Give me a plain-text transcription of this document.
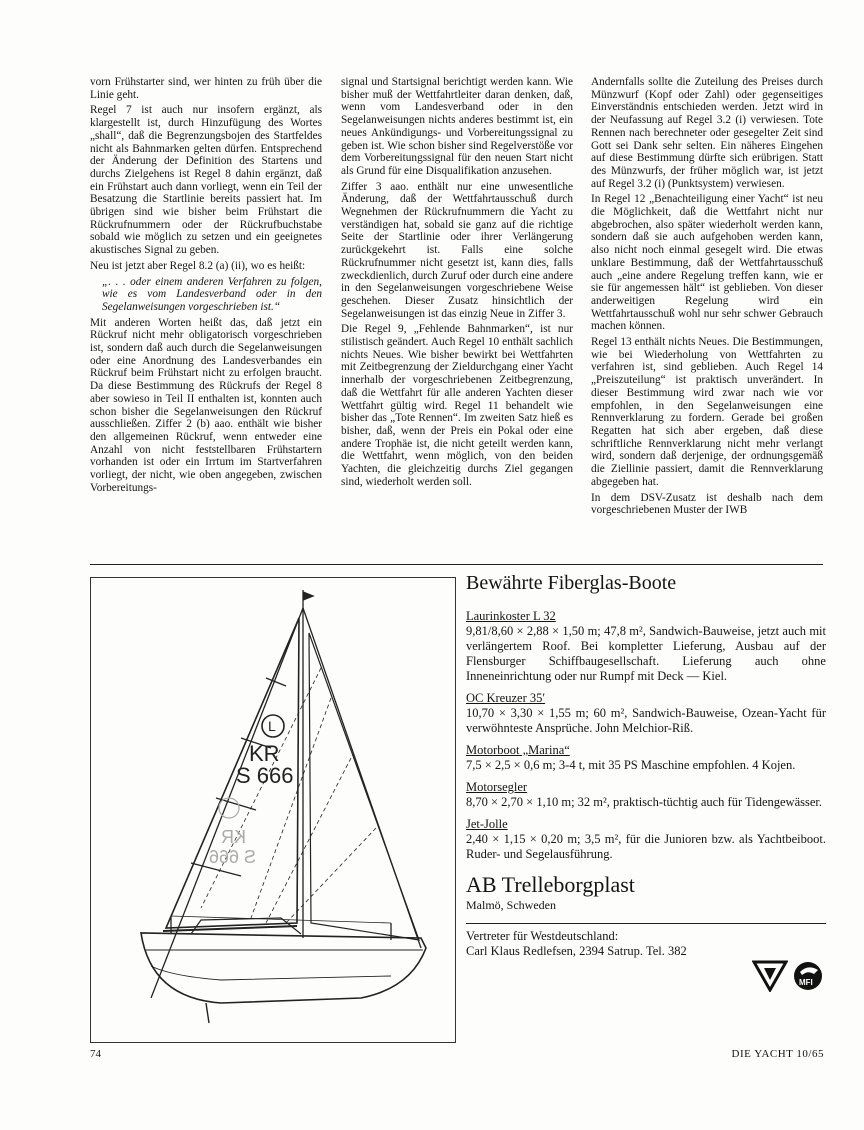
vorn Frühstarter sind, wer hinten zu früh über die Linie geht.

Regel 7 ist auch nur insofern ergänzt, als klargestellt ist, durch Hinzufügung des Wortes „shall“, daß die Begrenzungsbojen des Startfeldes nicht als Bahnmarken gelten dürfen. Entsprechend der Änderung der Definition des Startens und durchs Zielgehens ist Regel 8 dahin ergänzt, daß ein Frühstart auch dann vorliegt, wenn ein Teil der Besatzung die Startlinie bereits passiert hat. Im übrigen sind wie bisher beim Frühstart die Rückrufnummern oder der Rückrufbuchstabe sobald wie möglich zu setzen und ein geeignetes akustisches Signal zu geben.

Neu ist jetzt aber Regel 8.2 (a) (ii), wo es heißt:

„. . . oder einem anderen Verfahren zu folgen, wie es vom Landesverband oder in den Segelanweisungen vorgeschrieben ist.“

Mit anderen Worten heißt das, daß jetzt ein Rückruf nicht mehr obligatorisch vorgeschrieben ist, sondern daß auch durch die Segelanweisungen oder eine Anordnung des Landesverbandes ein Rückruf beim Frühstart nicht zu erfolgen braucht. Da diese Bestimmung des Rückrufs der Regel 8 aber sowieso in Teil II enthalten ist, konnten auch schon bisher die Segelanweisungen den Rückruf ausschließen. Ziffer 2 (b) aao. enthält wie bisher den allgemeinen Rückruf, wenn entweder eine Anzahl von nicht feststellbaren Frühstartern vorhanden ist oder ein Irrtum im Startverfahren vorliegt, der nicht, wie oben angegeben, zwischen Vorbereitungs-

signal und Startsignal berichtigt werden kann. Wie bisher muß der Wettfahrtleiter daran denken, daß, wenn vom Landesverband oder in den Segelanweisungen nichts anderes bestimmt ist, ein neues Ankündigungs- und Vorbereitungssignal zu geben ist. Wie schon bisher sind Regelverstöße vor dem Vorbereitungssignal für den neuen Start nicht als Grund für eine Disqualifikation anzusehen.

Ziffer 3 aao. enthält nur eine unwesentliche Änderung, daß der Wettfahrtausschuß durch Wegnehmen der Rückrufnummern die Yacht zu verständigen hat, sobald sie ganz auf die richtige Seite der Startlinie oder ihrer Verlängerung zurückgekehrt ist. Falls eine solche Rückrufnummer nicht gesetzt ist, kann dies, falls zweckdienlich, durch Zuruf oder durch eine andere in den Segelanweisungen vorgeschriebene Weise geschehen. Dieser Zusatz hinsichtlich der Segelanweisungen ist das einzig Neue in Ziffer 3.

Die Regel 9, „Fehlende Bahnmarken“, ist nur stilistisch geändert. Auch Regel 10 enthält sachlich nichts Neues. Wie bisher bewirkt bei Wettfahrten mit Zeitbegrenzung der Zieldurchgang einer Yacht innerhalb der vorgeschriebenen Zeitbegrenzung, daß die Wettfahrt für alle anderen Yachten dieser Wettfahrt gültig wird. Regel 11 behandelt wie bisher das „Tote Rennen“. Im zweiten Satz hieß es bisher, daß, wenn der Preis ein Pokal oder eine andere Trophäe ist, die nicht geteilt werden kann, die Wettfahrt, wenn möglich, von den beiden Yachten, die gleichzeitig durchs Ziel gegangen sind, wiederholt werden soll.

Andernfalls sollte die Zuteilung des Preises durch Münzwurf (Kopf oder Zahl) oder gegenseitiges Einverständnis entschieden werden. Jetzt wird in der Neufassung auf Regel 3.2 (i) verwiesen. Tote Rennen nach berechneter oder gesegelter Zeit sind Gott sei Dank sehr selten. Ein näheres Eingehen auf diese Bestimmung dürfte sich erübrigen. Statt des Münzwurfs, der früher möglich war, ist jetzt auf Regel 3.2 (i) (Punktsystem) verwiesen.

In Regel 12 „Benachteiligung einer Yacht“ ist neu die Möglichkeit, daß die Wettfahrt nicht nur abgebrochen, also später wiederholt werden kann, sondern daß sie auch aufgehoben werden kann, also nicht noch einmal gesegelt wird. Die etwas unklare Bestimmung, daß der Wettfahrtausschuß auch „eine andere Regelung treffen kann, wie er sie für angemessen hält“ ist geblieben. Von dieser anderweitigen Regelung wird ein Wettfahrtausschuß wohl nur sehr schwer Gebrauch machen können.

Regel 13 enthält nichts Neues. Die Bestimmungen, wie bei Wiederholung von Wettfahrten zu verfahren ist, sind geblieben. Auch Regel 14 „Preiszuteilung“ ist praktisch unverändert. In dieser Bestimmung wird zwar nach wie vor empfohlen, in den Segelanweisungen eine Rennverklarung zu fordern. Gerade bei großen Regatten hat sich aber ergeben, daß diese schriftliche Rennverklarung nicht mehr verlangt wird, sondern daß derjenige, der ordnungsgemäß die Ziellinie passiert, damit die Rennverklarung abgegeben hat.

In dem DSV-Zusatz ist deshalb nach dem vorgeschriebenen Muster der IWB

L
KR
S 666
KR
S 666
Bewährte Fiberglas-Boote
Laurinkoster L 32
9,81/8,60 × 2,88 × 1,50 m; 47,8 m², Sandwich-Bauweise, jetzt auch mit verlängertem Roof. Bei kompletter Lieferung, Ausbau auf der Flensburger Schiffbaugesellschaft. Lieferung auch ohne Inneneinrichtung oder nur Rumpf mit Deck — Kiel.
OC Kreuzer 35′
10,70 × 3,30 × 1,55 m; 60 m², Sandwich-Bauweise, Ozean-Yacht für verwöhnteste Ansprüche. John Melchior-Riß.
Motorboot „Marina“
7,5 × 2,5 × 0,6 m; 3-4 t, mit 35 PS Maschine empfohlen. 4 Kojen.
Motorsegler
8,70 × 2,70 × 1,10 m; 32 m², praktisch-tüchtig auch für Tidengewässer.
Jet-Jolle
2,40 × 1,15 × 0,20 m; 3,5 m², für die Junioren bzw. als Yachtbeiboot. Ruder- und Segelausführung.
AB Trelleborgplast
Malmö, Schweden
Vertreter für Westdeutschland:
Carl Klaus Redlefsen, 2394 Satrup. Tel. 382
MFI
74	DIE YACHT 10/65
